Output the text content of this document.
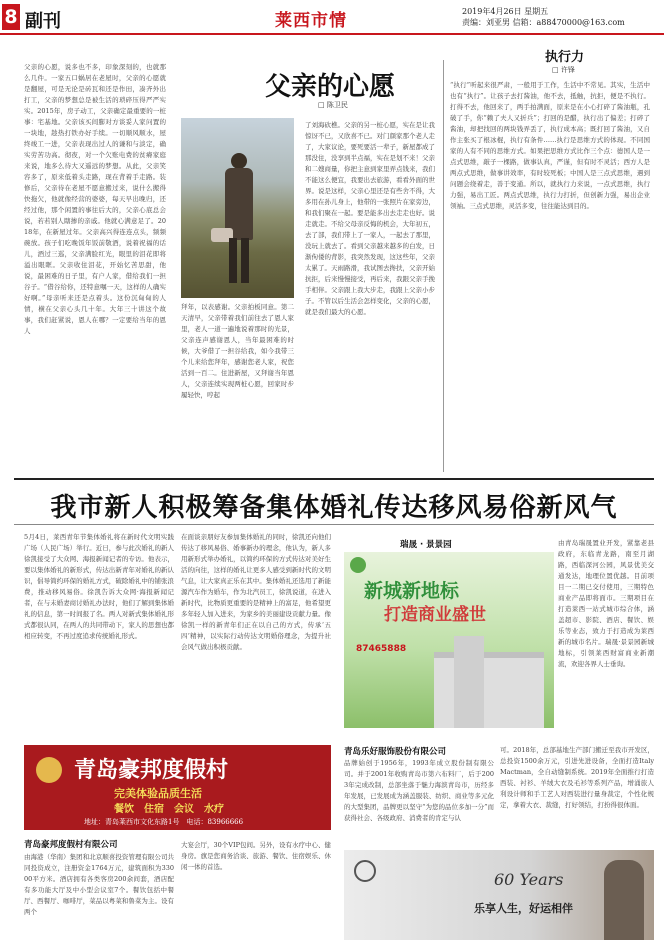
8 副刊	莱西市情	2019年4月26日 星期五
责编：刘亚男 信箱：a88470000@163.com
父亲的心愿
□ 陈卫民
父亲的心愿，说多也不多，印象深刻的，也就那么几件。一家五口蜗居在老屋时，父亲的心愿就是翻屋，可是无论是砖瓦和还是作田，凑齐外出打工，父亲的梦想总是被生活的琐碎压得严严实实。2015年，房子动工，父亲确定最重要的一桩事：宅基地。父亲该买间膨对方谈妥人家问置的一块地，趁热打铁办好手续。一切顺风顺水，屋终竣工一进，父亲表现出过人的谦和与淡定，确实劳苦功高。彻夜，对一个欠账电费的贫瘠家庭来说，地多么待大又遥远的梦想。从此，父亲笑容多了，原来低着头走路，现在背着手走路。装修后，父亲待在老屋不愿意搬过来，说什么搬得快拖欠，他就像经营的婆婆，每天早出晚归，还经过他，那个闲置的事往后大的，父亲心底总会说，若若别人瞎掺的亲戚。他就心满意足了。2018年，在新屋过年。父亲高兴得连连点头，频频碗放。孩子们吃晚饭年饭前敬酒，说着祝福的话儿，酒过三巡，父亲满脸红光，眼里的泪花即将溢出眼眶。父亲收住泪花，开始忆苦思甜，他说，最困难的日子里，有户人家，借给我们一担谷子。“借谷给你，还特意嘱一天，这样的人确实好啊。”母亲听来还是点着头。这份沉甸甸的人情，横在父亲心头几十年。大年三十讲这个故事，我们赶紧说，恩人在哪？一定要给当年的恩人
拜年，以表感谢。父亲拍板同意。第二天清早，父亲带着我们前往去了恩人家里，老人一道一遍地说着那时的光景，父亲连声感谢恩人，当年最困难的时候，大爷借了一担谷给我，如今我带三个儿来给您拜年，感谢您老人家，祝您活到一百二。住进新屋，又拜谢当年恩人，父亲连续实现两桩心愿，回家时步履轻快，哼起
了刘海砍樵。父亲的另一桩心愿，实在是让我惊讶不已，又欣喜不已。对门颜家那个老人走了，大家议论，要死要活一辈子，新屋都成了那没住，没享到半点福，实在是划不来！父亲和二嫂商量，你把主意到家里弄点钱来，我们不能这么便宜，我要出去旅游，看看外面的世界。说是这样，父亲心里还是有些舍不得，大多用在孙儿身上，他带的一张照片在家旁边，和我们聚在一起。要是能多出去走走也好。说走就走。不给父母亲反悔的机会，大年初五，去了部，我们带上了一家人，一起去了那里，没玩上就去了。看到父亲越来越多的白发，日渐佝偻的背影，我突然发现，这这些年，父亲太累了。天雨路滑，我试图去搀扶，父亲开始抗拒，后来慢慢接受，再后来，我跟父亲手挽手相伴。父亲跟上我大步走，我跟上父亲小步子。不管以后生活会怎样变化，父亲的心愿，就是我们最大的心愿。
执行力
□ 许锋
“执行”听起来很严肃，一般用于工作，生活中不常见。其实，生活中也有“执行”。让孩子去打酱油，他不去，抵触，抗拒，便是不执行。打得不去，他回来了，两手拍满面，原来是在小心打碎了酱油瓶，孔破了手，你“赖了夫人又折兵”；打回的是醋，执行出了偏差；打碎了酱油，却把找回的两块钱弄丢了，执行成本高；既打回了酱油，又自作主张买了根冰棍，执行有条件……执行是思维方式的体现。不同国家的人有不同的思维方式。如果把思维方式比作三个点：德国人是一点式思维，敲子一棵路，做事认真，严谨，但有时不灵活；西方人是两点式思维，做事讲效率，有时较死板；中国人是三点式思维，遇到问题会绕着走，善于变通。所以，就执行力来说，一点式思维，执行力强，易出工匠。两点式思维，执行力打折，但创新力强，易出企业领袖。三点式思维，灵活多变，往往能达到目的。
我市新人积极筹备集体婚礼传达移风易俗新风气
5月4日，莱西青年节集体婚礼将在新时代文明实践广场（人民广场）举行。近日，参与此次婚礼的新人徐凯接受了大众网、海报新闻记者的专访。他表示，要以集体婚礼的新形式，传达出新青年对婚礼的新认识，倡导简约环保的婚礼方式，破除婚礼中的铺张浪费，推动移风易俗。徐凯告诉大众网·海报新闻记者，在与未婚妻商讨婚礼办法时，他们了解到集体婚礼的信息，第一时间报了名。两人对新式集体婚礼形式都很认同，在两人的共同带动下，家人的思想也都相应转变，不再过度追求传统婚礼形式。
在面谈亲朋好友参加集体婚礼的同时，徐凯还向他们传达了移风易俗、婚事新办的理念，他认为，新人多用新形式举办婚礼，以简约环保的方式传达对美好生活的向往，这样的婚礼让更多人感受到新时代的文明气息，让大家真正乐在其中。集体婚礼还选用了新能源汽车作为婚车，作为北汽员工，徐凯说道，在进入新时代，比物质更重要的是精神上的富足，他希望更多年轻人加入进来，为家乡的美丽建设贡献力量。像徐凯一样的新青年们正在以自己的方式，传承‘五四’精神，以实际行动传达文明婚俗理念，为提升社会风气做出积极贡献。
瑞晟 · 景景园
新城新地标
打造商业盛世
87465888
由青岛瑞晟置业开发，紧靠老县政府，东临青龙路，南至月湖路，西临深河公园，风景优美交通发达，地理位置优越。目前项目一二期已交付使用，三期特色商业产品即将面市。三期项目在打造莱西一站式城市综合体，涵盖超市、影院、酒店、餐饮、娱乐等业态，致力于打造成为莱西新的城市名片。瑞晟·景景园新城地标，引领莱西财富商业新潮流，欢迎各界人士垂询。
青岛豪邦度假村
完美体验品质生活
餐饮　住宿　会议　水疗
地址：青岛莱西市文化东路1号　电话：83966666
青岛豪邦度假村有限公司
由海港（华南）集团和北京顺喜投资管理有限公司共同投资成立，注册资金1764万元，建筑面积为33000平方米。酒店拥有各类客房200余间套，酒店配有多功能大厅及中小型会议室7个。餐饮包括中餐厅、西餐厅、咖啡厅，菜品以粤菜和鲁菜为主。设有两个
大宴会厅，30个VIP包间。另外，设有水疗中心、健身房。旗是您商务洽谈、旅游、餐饮、住宿娱乐、休闲一体的首选。
青岛乐好服饰股份有限公司
品牌始创于1956年，1993年成立股份制有限公司。并于2001年收购青岛市第六布料厂，后于2003年完成改制，总部坐落于魅力海滨青岛市，历经多年发展，已发展成为涵盖服装、纺织、商业等多元化的大型集团，品牌更以坚守“为您的品位多加一分”而获得社会、各级政府、消费者的肯定与认
可。2018年，总部基地生产部门搬迁至我市开发区，总投资1500余万元，引进先进设备，全面打造Italy Mactman，全自动缝制系统。2019年全面推行打造西装、衬衫、羊绒大衣及毛衫等系列产品，增涌旅人利设计师和手工艺人对西装进行量身裁定，个性化规定，拿着大衣、裁缝，打好领结，打扮得很体面。
60 Years
乐享人生，好运相伴
